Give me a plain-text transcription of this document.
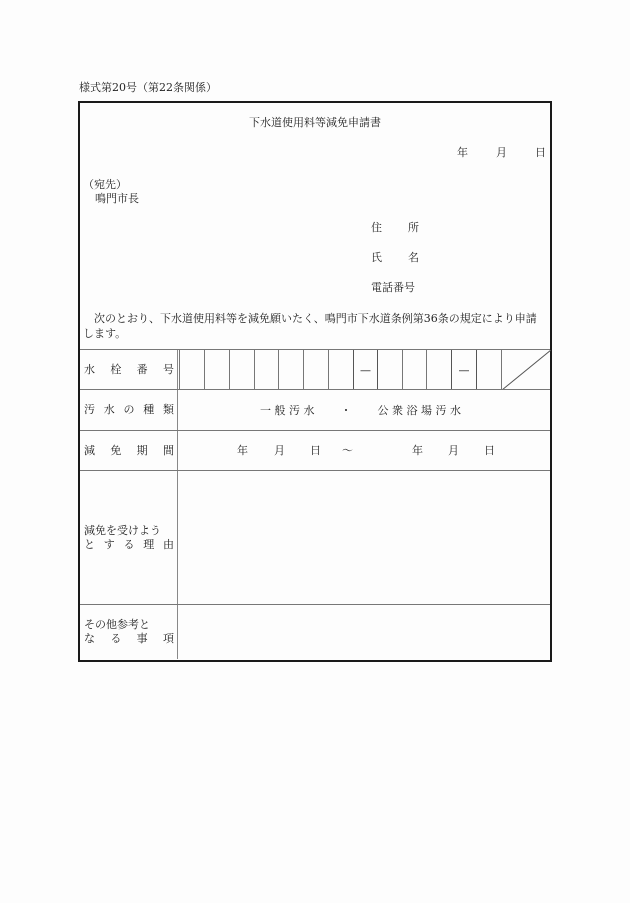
様式第20号（第22条関係）
下水道使用料等減免申請書
年	月	日
（宛先）
鳴門市長
住 所
氏 名
電話番号
次のとおり、下水道使用料等を減免願いたく、鳴門市下水道条例第36条の規定により申請します。
水 栓 番 号	—	—
汚 水 の 種 類	一 般 汚 水 ・ 公 衆 浴 場 汚 水
減 免 期 間	年 月 日 ～	年 月 日
減免を受けよう
と す る 理 由
その他参考と
な る 事 項
